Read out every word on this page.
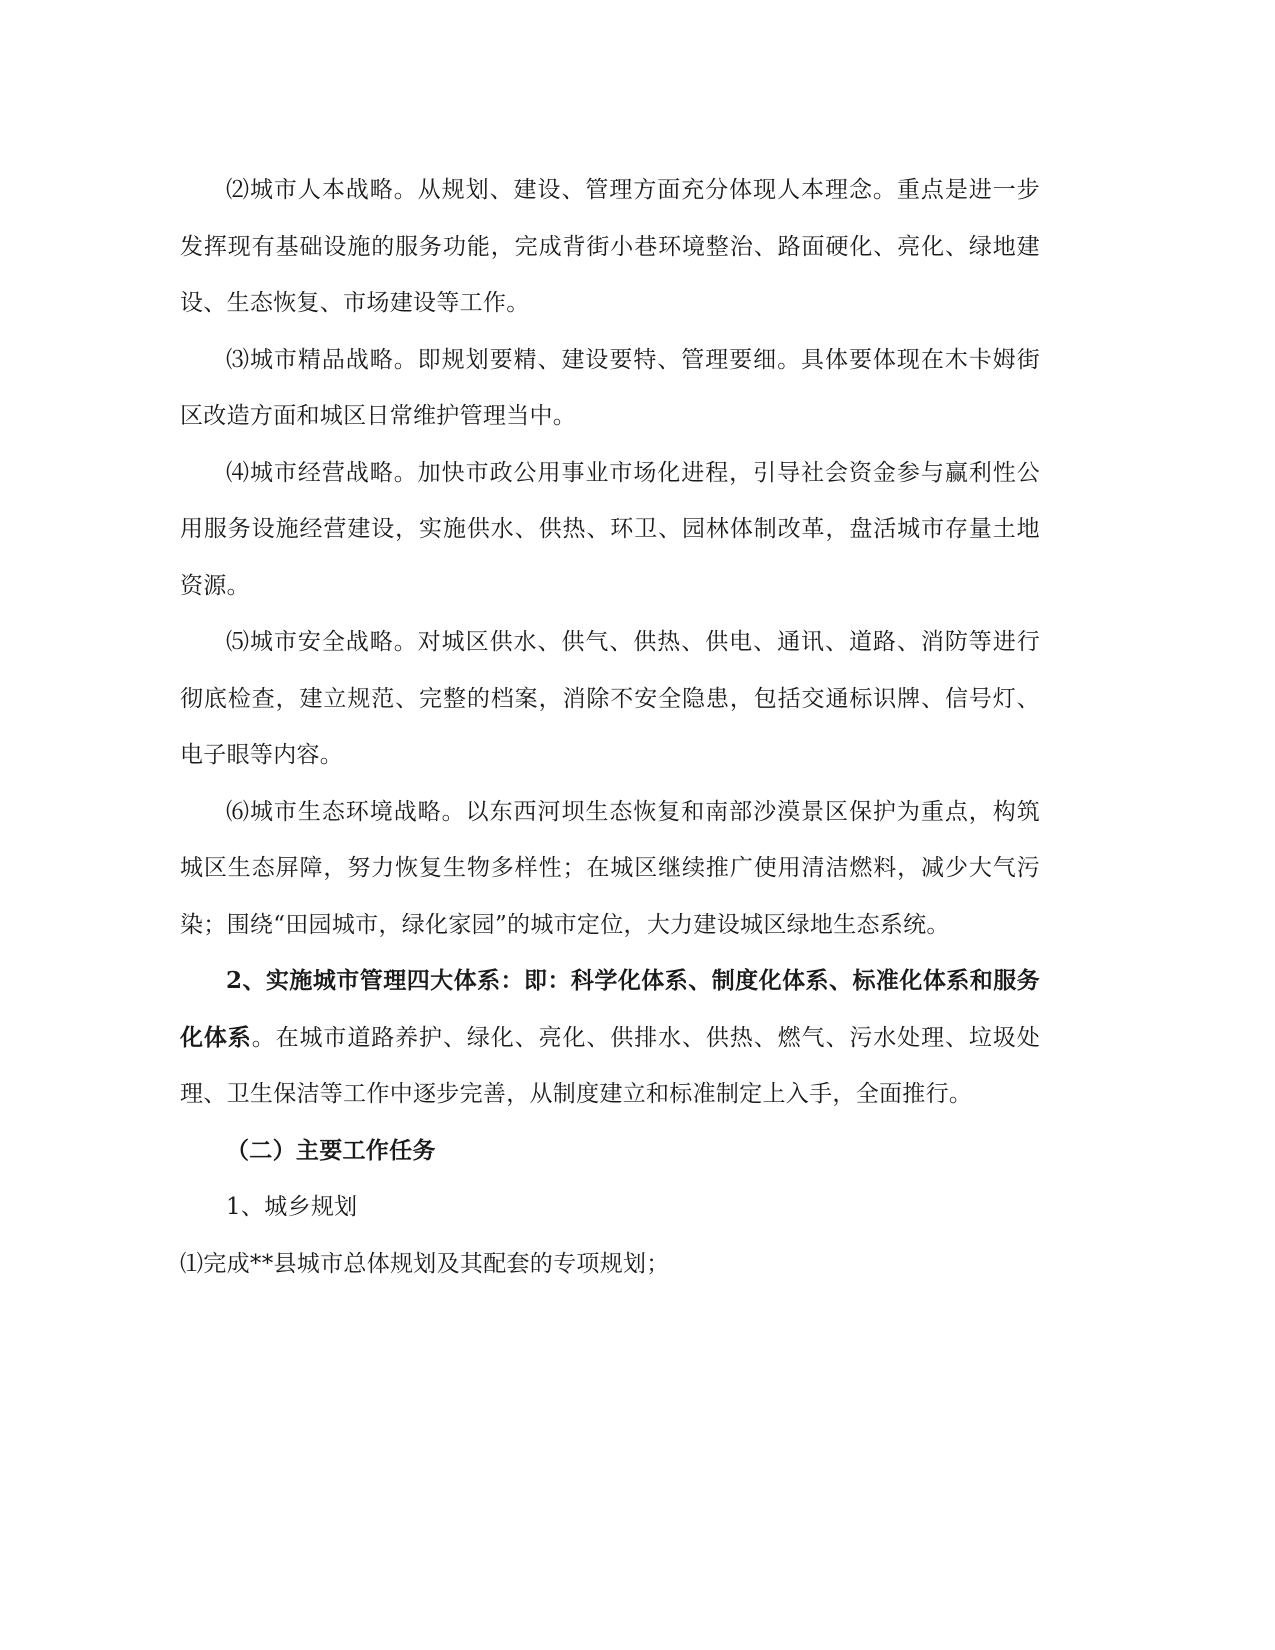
⑵城市人本战略。从规划、建设、管理方面充分体现人本理念。重点是进一步发挥现有基础设施的服务功能，完成背街小巷环境整治、路面硬化、亮化、绿地建设、生态恢复、市场建设等工作。

⑶城市精品战略。即规划要精、建设要特、管理要细。具体要体现在木卡姆街区改造方面和城区日常维护管理当中。

⑷城市经营战略。加快市政公用事业市场化进程，引导社会资金参与赢利性公用服务设施经营建设，实施供水、供热、环卫、园林体制改革，盘活城市存量土地资源。

⑸城市安全战略。对城区供水、供气、供热、供电、通讯、道路、消防等进行彻底检查，建立规范、完整的档案，消除不安全隐患，包括交通标识牌、信号灯、电子眼等内容。

⑹城市生态环境战略。以东西河坝生态恢复和南部沙漠景区保护为重点，构筑城区生态屏障，努力恢复生物多样性；在城区继续推广使用清洁燃料，减少大气污染；围绕“田园城市，绿化家园”的城市定位，大力建设城区绿地生态系统。

2、实施城市管理四大体系：即：科学化体系、制度化体系、标准化体系和服务化体系。在城市道路养护、绿化、亮化、供排水、供热、燃气、污水处理、垃圾处理、卫生保洁等工作中逐步完善，从制度建立和标准制定上入手，全面推行。

（二）主要工作任务

1、城乡规划

⑴完成**县城市总体规划及其配套的专项规划；
